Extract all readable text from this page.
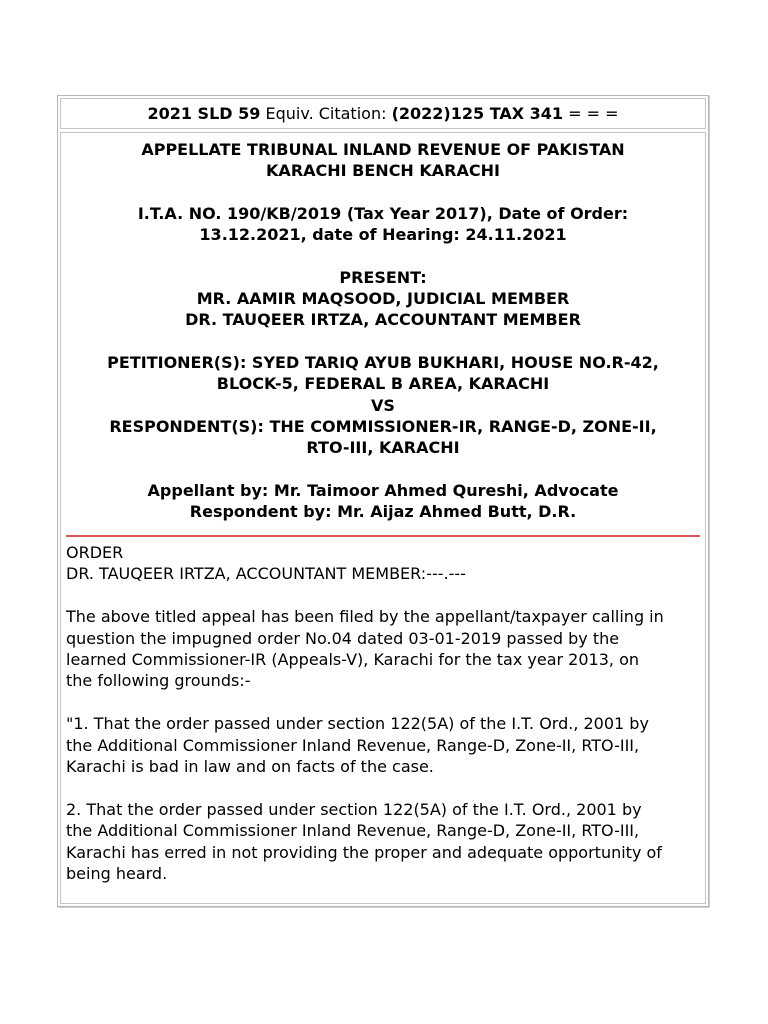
2021 SLD 59 Equiv. Citation: (2022)125 TAX 341 = = =
APPELLATE TRIBUNAL INLAND REVENUE OF PAKISTAN
KARACHI BENCH KARACHI
I.T.A. NO. 190/KB/2019 (Tax Year 2017), Date of Order:
13.12.2021, date of Hearing: 24.11.2021
PRESENT:
MR. AAMIR MAQSOOD, JUDICIAL MEMBER
DR. TAUQEER IRTZA, ACCOUNTANT MEMBER
PETITIONER(S): SYED TARIQ AYUB BUKHARI, HOUSE NO.R-42,
BLOCK-5, FEDERAL B AREA, KARACHI
VS
RESPONDENT(S): THE COMMISSIONER-IR, RANGE-D, ZONE-II,
RTO-III, KARACHI
Appellant by: Mr. Taimoor Ahmed Qureshi, Advocate
Respondent by: Mr. Aijaz Ahmed Butt, D.R.

ORDER

DR. TAUQEER IRTZA, ACCOUNTANT MEMBER:---.---

The above titled appeal has been filed by the appellant/taxpayer calling in

question the impugned order No.04 dated 03-01-2019 passed by the

learned Commissioner-IR (Appeals-V), Karachi for the tax year 2013, on

the following grounds:-

"1. That the order passed under section 122(5A) of the I.T. Ord., 2001 by

the Additional Commissioner Inland Revenue, Range-D, Zone-II, RTO-III,

Karachi is bad in law and on facts of the case.

2. That the order passed under section 122(5A) of the I.T. Ord., 2001 by

the Additional Commissioner Inland Revenue, Range-D, Zone-II, RTO-III,

Karachi has erred in not providing the proper and adequate opportunity of

being heard.
